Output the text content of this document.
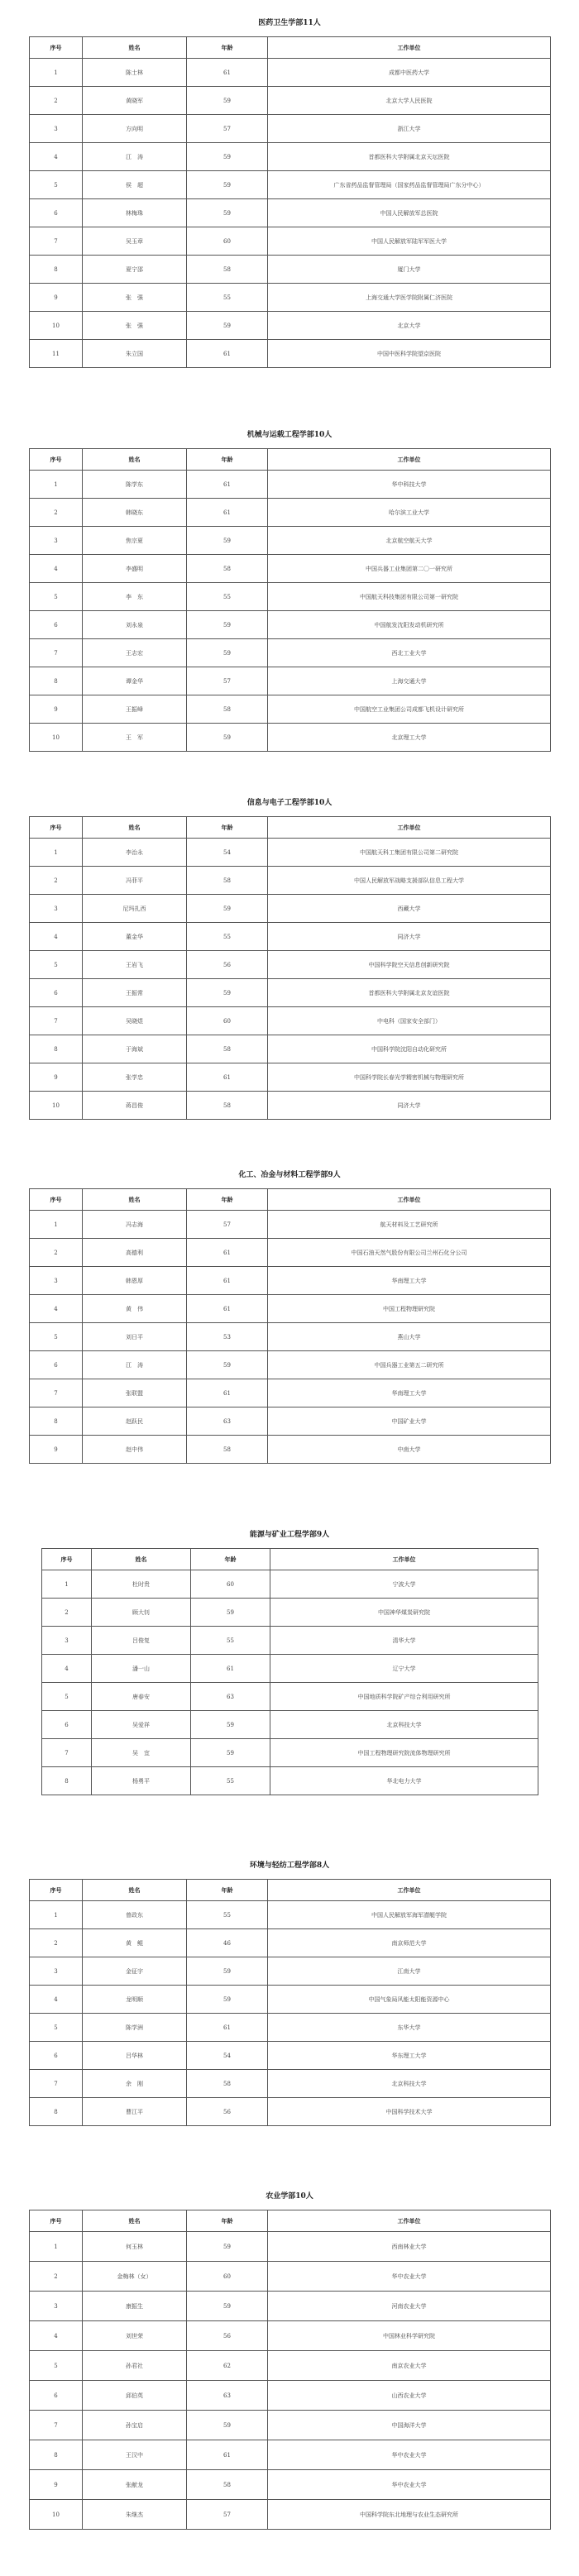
医药卫生学部11人
序号	姓名	年龄	工作单位
1	陈士林	61	成都中医药大学
2	黄晓军	59	北京大学人民医院
3	方向明	57	浙江大学
4	江　涛	59	首都医科大学附属北京天坛医院
5	侯　超	59	广东省药品监督管理局（国家药品监督管理局广东分中心）
6	林梅珠	59	中国人民解放军总医院
7	吴玉章	60	中国人民解放军陆军军医大学
8	夏宁邵	58	厦门大学
9	张　强	55	上海交通大学医学院附属仁济医院
10	张　强	59	北京大学
11	朱立国	61	中国中医科学院望京医院
机械与运载工程学部10人
序号	姓名	年龄	工作单位
1	陈学东	61	华中科技大学
2	韩晓东	61	哈尔滨工业大学
3	焦宗夏	59	北京航空航天大学
4	李盛明	58	中国兵器工业集团第二〇一研究所
5	李　东	55	中国航天科技集团有限公司第一研究院
6	刘永泉	59	中国航发沈阳发动机研究所
7	王志宏	59	西北工业大学
8	谭金华	57	上海交通大学
9	王振峰	58	中国航空工业集团公司成都飞机设计研究所
10	王　军	59	北京理工大学
信息与电子工程学部10人
序号	姓名	年龄	工作单位
1	李治永	54	中国航天科工集团有限公司第二研究院
2	冯菲平	58	中国人民解放军战略支援部队信息工程大学
3	尼玛扎西	59	西藏大学
4	董金华	55	同济大学
5	王岩飞	56	中国科学院空天信息创新研究院
6	王振常	59	首都医科大学附属北京友谊医院
7	吴晓煜	60	中电科（国家安全部门）
8	于海斌	58	中国科学院沈阳自动化研究所
9	张学忠	61	中国科学院长春光学精密机械与物理研究所
10	蒋昌俊	58	同济大学
化工、冶金与材料工程学部9人
序号	姓名	年龄	工作单位
1	冯志海	57	航天材料及工艺研究所
2	高德利	61	中国石油天然气股份有限公司兰州石化分公司
3	韩恩厚	61	华南理工大学
4	黄　伟	61	中国工程物理研究院
5	刘日平	53	燕山大学
6	江　涛	59	中国兵器工业第五二研究所
7	张联盟	61	华南理工大学
8	赵跃民	63	中国矿业大学
9	赵中伟	58	中南大学
能源与矿业工程学部9人
序号	姓名	年龄	工作单位
1	杜时贵	60	宁波大学
2	顾大钊	59	中国神华煤炭研究院
3	吕俊复	55	清华大学
4	潘一山	61	辽宁大学
5	唐春安	63	中国地质科学院矿产综合利用研究所
6	吴爱祥	59	北京科技大学
7	吴　宜	59	中国工程物理研究院流体物理研究所
8	杨勇平	55	华北电力大学
环境与轻纺工程学部8人
序号	姓名	年龄	工作单位
1	曾政东	55	中国人民解放军海军潜艇学院
2	黄　鲲	46	南京师范大学
3	金征宇	59	江南大学
4	龙明顺	59	中国气象局风能太阳能资源中心
5	陈学洲	61	东华大学
6	吕华林	54	华东理工大学
7	余　刚	58	北京科技大学
8	曹江平	56	中国科学技术大学
农业学部10人
序号	姓名	年龄	工作单位
1	何玉林	59	西南林业大学
2	金梅林（女）	60	华中农业大学
3	康振生	59	河南农业大学
4	刘世荣	56	中国林业科学研究院
5	孙君社	62	南京农业大学
6	邱伯英	63	山西农业大学
7	孙宝启	59	中国海洋大学
8	王汉中	61	华中农业大学
9	张献龙	58	华中农业大学
10	朱继杰	57	中国科学院东北地理与农业生态研究所
